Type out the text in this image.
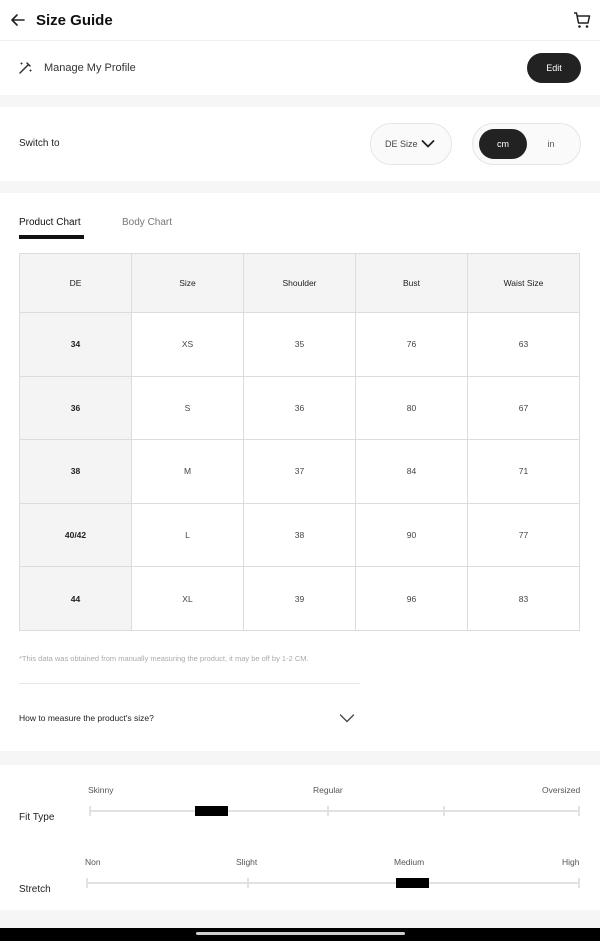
Size Guide
Manage My Profile	Edit
Switch to	DE Size	cm	in
Product Chart	Body Chart
DE	Size	Shoulder	Bust	Waist Size
34	XS	35	76	63
36	S	36	80	67
38	M	37	84	71
40/42	L	38	90	77
44	XL	39	96	83
*This data was obtained from manually measuring the product, it may be off by 1-2 CM.
How to measure the product's size?
Fit Type
Skinny	Regular	Oversized
Stretch
Non	Slight	Medium	High
